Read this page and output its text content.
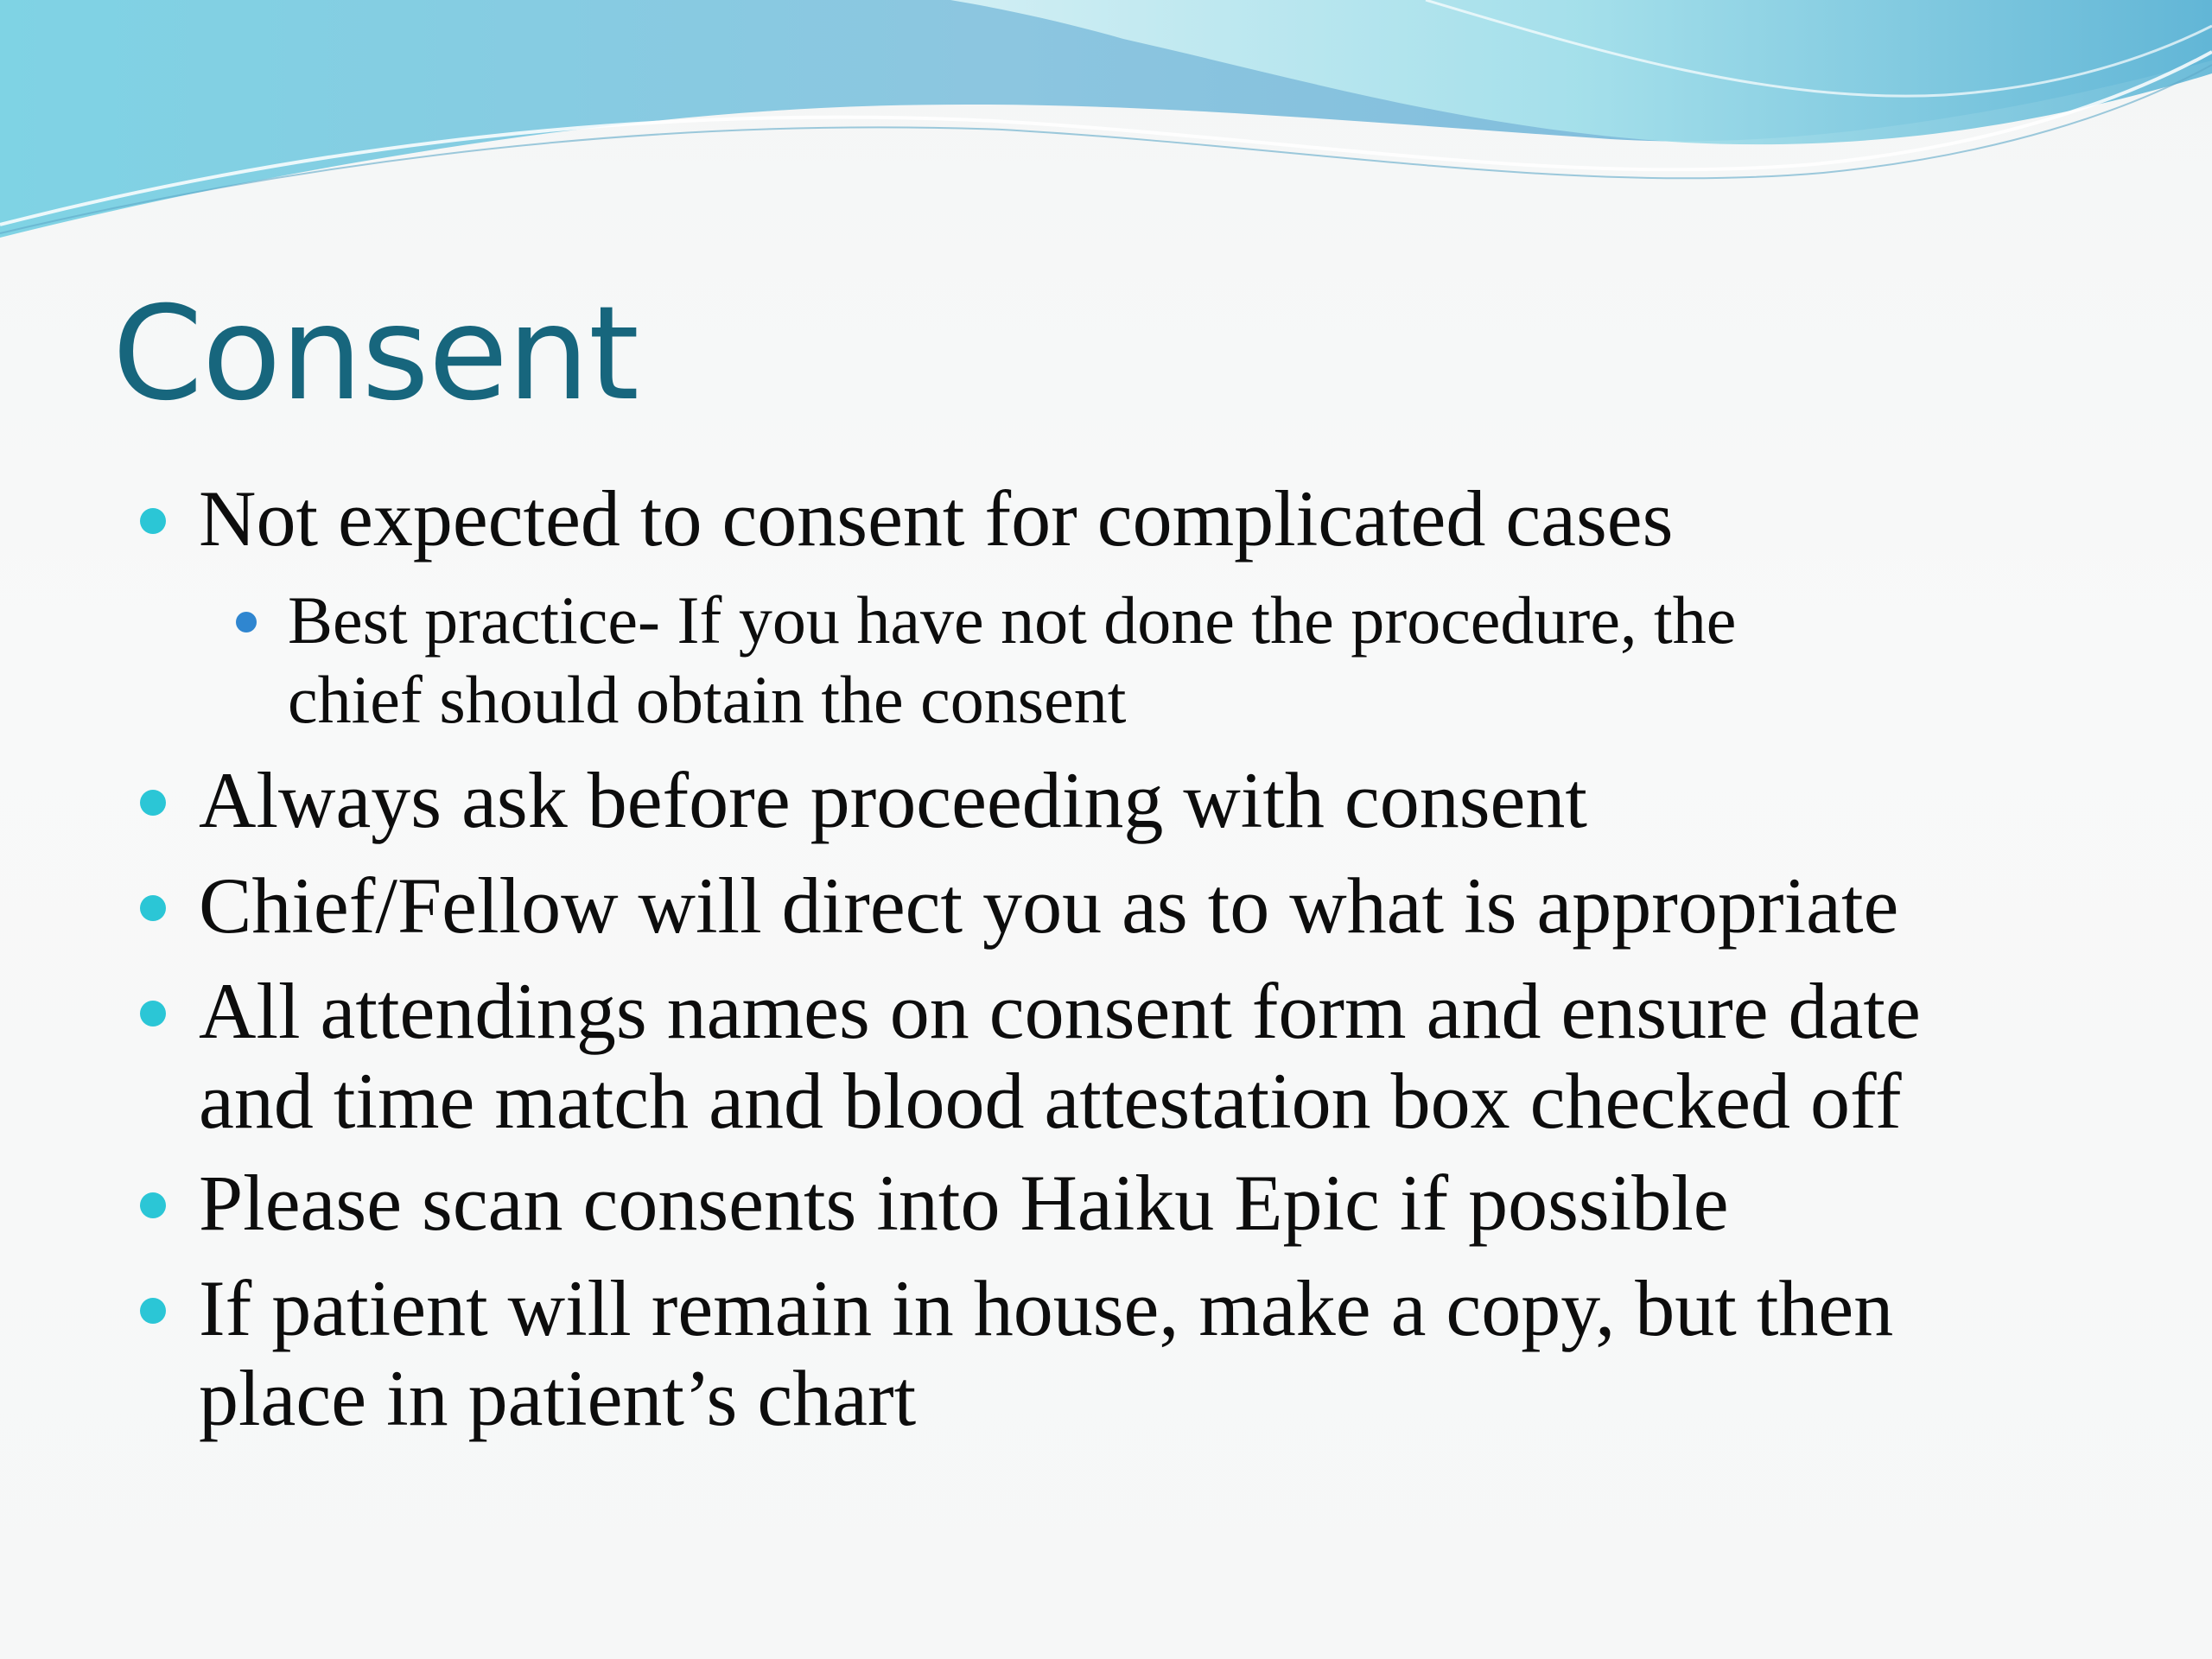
Consent
Not expected to consent for complicated cases
Best practice- If you have not done the procedure, the
chief should obtain the consent
Always ask before proceeding with consent
Chief/Fellow will direct you as to what is appropriate
All attendings names on consent form and ensure date
and time match and blood attestation box checked off
Please scan consents into Haiku Epic if possible
If patient will remain in house, make a copy, but then
place in patient’s chart
